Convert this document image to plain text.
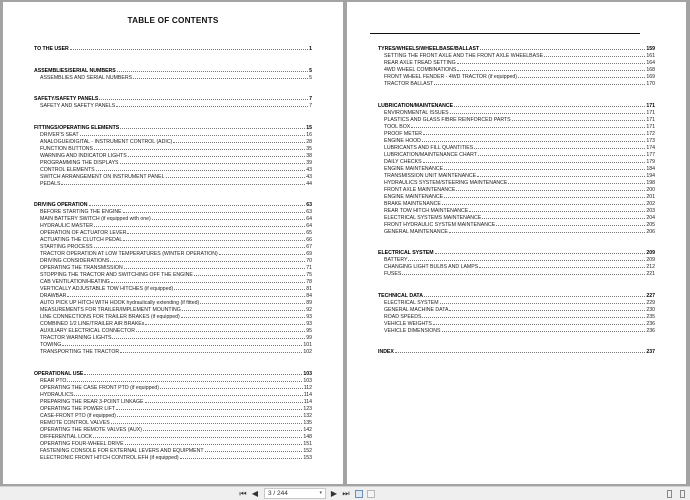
TABLE OF CONTENTS
TO THE USER	1
ASSEMBLIES/SERIAL NUMBERS	5
ASSEMBLIES AND SERIAL NUMBERS	5
SAFETY/SAFETY PANELS	7
SAFETY AND SAFETY PANELS	7
FITTINGS/OPERATING ELEMENTS	15
DRIVER'S SEAT	16
ANALOGUE/DIGITAL - INSTRUMENT CONTROL (ADIC)	28
FUNCTION BUTTONS	35
WARNING AND INDICATOR LIGHTS	38
PROGRAMMING THE DISPLAYS	39
CONTROL ELEMENTS	43
SWITCH ARRANGEMENT ON INSTRUMENT PANEL	43
PEDALS	44
DRIVING OPERATION	63
BEFORE STARTING THE ENGINE	63
MAIN BATTERY SWITCH (if equipped with one)	64
HYDRAULIC MASTER	64
OPERATION OF ACTUATOR LEVER	65
ACTUATING THE CLUTCH PEDAL	66
STARTING PROCESS	67
TRACTOR OPERATION AT LOW TEMPERATURES (WINTER OPERATION)	69
DRIVING CONSIDERATIONS	70
OPERATING THE TRANSMISSION	71
STOPPING THE TRACTOR AND SWITCHING OFF THE ENGINE	75
CAB VENTILATION/HEATING	78
VERTICALLY ADJUSTABLE TOW HITCHES (if equipped)	81
DRAWBAR	84
AUTO PICK UP HITCH WITH HOOK hydraulically extending (if fitted)	89
MEASUREMENTS FOR TRAILER/IMPLEMENT MOUNTING	92
LINE CONNECTIONS FOR TRAILER BRAKES (if equipped)	93
COMBINED 1/2 LINE/TRAILER AIR BRAKEs	93
AUXILIARY ELECTRICAL CONNECTOR	95
TRACTOR WARNING LIGHTS	99
TOWING	101
TRANSPORTING THE TRACTOR	102
OPERATIONAL USE	103
REAR PTO	103
OPERATING THE CASE FRONT PTO (if equipped)	112
HYDRAULICS	114
PREPARING THE REAR 3-POINT LINKAGE	114
OPERATING THE POWER LIFT	123
CASE-FRONT PTO (if equipped)	132
REMOTE CONTROL VALVES	135
OPERATING THE REMOTE VALVES (AUX)	142
DIFFERENTIAL LOCK	148
OPERATING FOUR-WHEEL DRIVE	151
FASTENING CONSOLE FOR EXTERNAL LEVERS AND EQUIPMENT	152
ELECTRONIC FRONT HITCH CONTROL EFH (if equipped)	153
TYRES/WHEELS/WHEELBASE/BALLAST	159
SETTING THE FRONT AXLE AND THE FRONT AXLE WHEELBASE	161
REAR AXLE TREAD SETTING	164
4WD WHEEL COMBINATIONS	168
FRONT WHEEL FENDER - 4WD TRACTOR (if equipped)	169
TRACTOR BALLAST	170
LUBRICATION/MAINTENANCE	171
ENVIRONMENTAL ISSUES	171
PLASTICS AND GLASS FIBRE REINFORCED PARTS	171
TOOL BOX	171
PROOF METER	172
ENGINE HOOD	173
LUBRICANTS AND FILL QUANTITIES	174
LUBRICATION/MAINTENANCE CHART	177
DAILY CHECKS	179
ENGINE MAINTENANCE	184
TRANSMISSION UNIT MAINTENANCE	194
HYDRAULICS SYSTEM/STEERING MAINTENANCE	198
FRONT AXLE MAINTENANCE	200
ENGINE MAINTENANCE	201
BRAKE MAINTENANCE	202
REAR TOW HITCH MAINTENANCE	203
ELECTRICAL SYSTEMS MAINTENANCE	204
FRONT HYDRAULIC SYSTEM MAINTENANCE	205
GENERAL MAINTENANCE	206
ELECTRICAL SYSTEM	209
BATTERY	209
CHANGING LIGHT BULBS AND LAMPS	212
FUSES	221
TECHNICAL DATA	227
ELECTRICAL SYSTEM	229
GENERAL MACHINE DATA	230
ROAD SPEEDS	235
VEHICLE WEIGHTS	236
VEHICLE DIMENSIONS	236
INDEX	237
⏮ ◀	3 / 244	▾ ▶ ⏭
